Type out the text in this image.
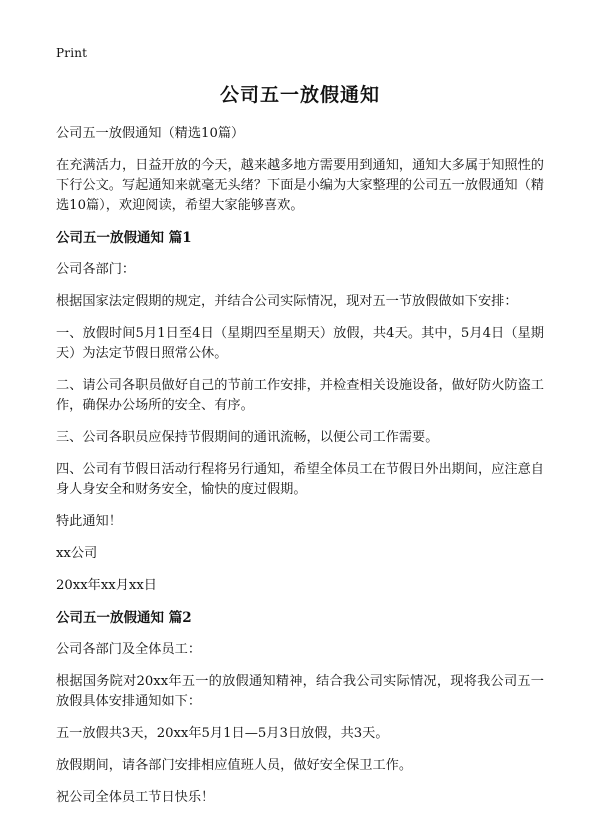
Print
公司五一放假通知

公司五一放假通知（精选10篇）

在充满活力，日益开放的今天，越来越多地方需要用到通知，通知大多属于知照性的下行公文。写起通知来就毫无头绪？下面是小编为大家整理的公司五一放假通知（精选10篇），欢迎阅读，希望大家能够喜欢。

公司五一放假通知 篇1

公司各部门：

根据国家法定假期的规定，并结合公司实际情况，现对五一节放假做如下安排：

一、放假时间5月1日至4日（星期四至星期天）放假，共4天。其中，5月4日（星期天）为法定节假日照常公休。

二、请公司各职员做好自己的节前工作安排，并检查相关设施设备，做好防火防盗工作，确保办公场所的安全、有序。

三、公司各职员应保持节假期间的通讯流畅，以便公司工作需要。

四、公司有节假日活动行程将另行通知，希望全体员工在节假日外出期间，应注意自身人身安全和财务安全，愉快的度过假期。

特此通知！

xx公司

20xx年xx月xx日

公司五一放假通知 篇2

公司各部门及全体员工：

根据国务院对20xx年五一的放假通知精神，结合我公司实际情况，现将我公司五一放假具体安排通知如下：

五一放假共3天，20xx年5月1日—5月3日放假，共3天。

放假期间，请各部门安排相应值班人员，做好安全保卫工作。

祝公司全体员工节日快乐！
